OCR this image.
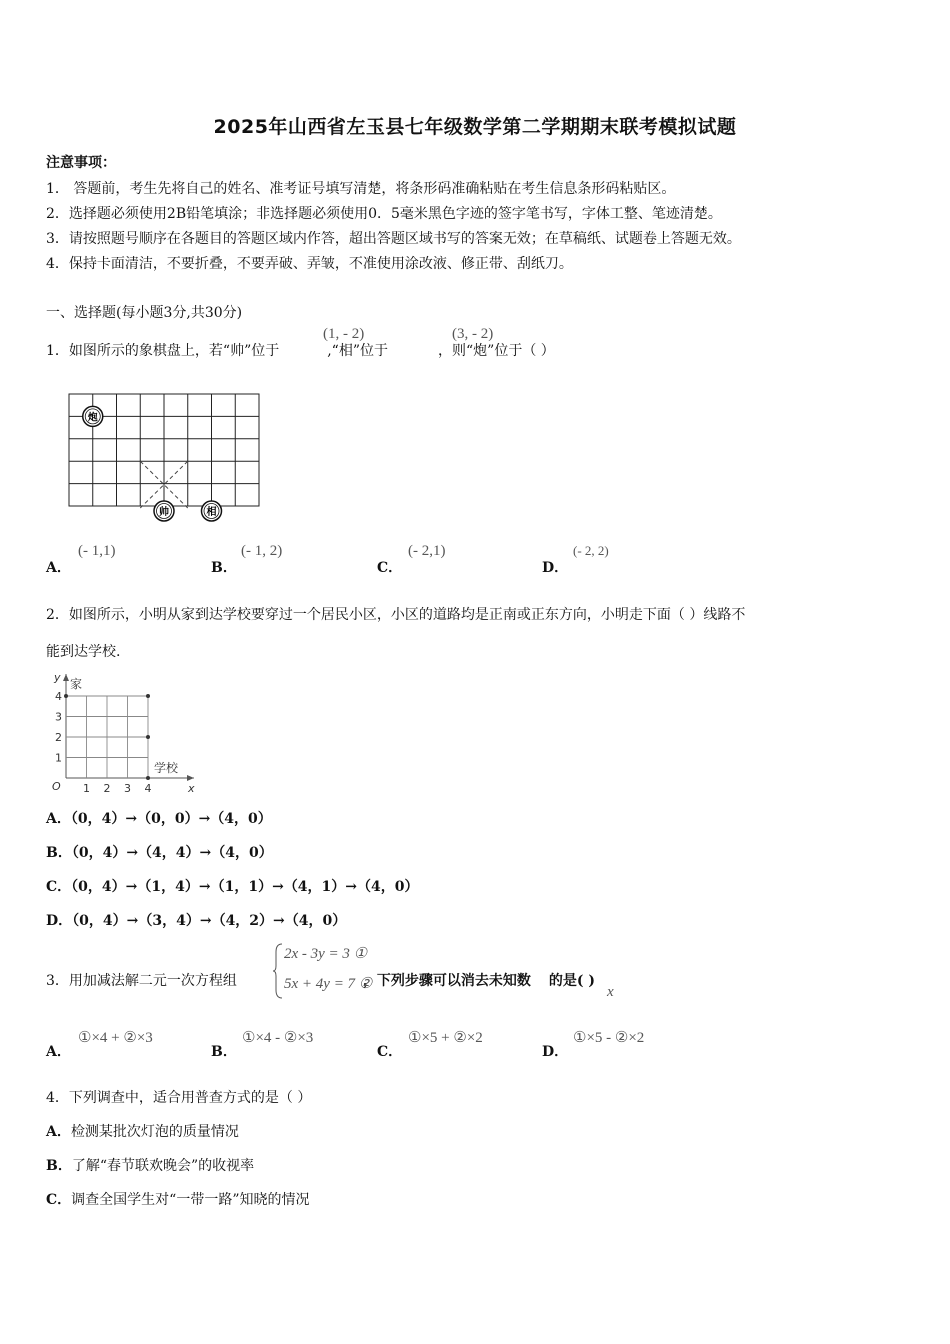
2025年山西省左玉县七年级数学第二学期期末联考模拟试题
注意事项：
1． 答题前，考生先将自己的姓名、准考证号填写清楚，将条形码准确粘贴在考生信息条形码粘贴区。
2．选择题必须使用2B铅笔填涂；非选择题必须使用0．5毫米黑色字迹的签字笔书写，字体工整、笔迹清楚。
3．请按照题号顺序在各题目的答题区域内作答，超出答题区域书写的答案无效；在草稿纸、试题卷上答题无效。
4．保持卡面清洁，不要折叠，不要弄破、弄皱，不准使用涂改液、修正带、刮纸刀。
一、选择题(每小题3分,共30分)
1．如图所示的象棋盘上，若“帅”位于	,“相”位于	，则“炮”位于（ ）
(1, - 2)	(3, - 2)
炮
帅	相
A．
(- 1,1)
B．
(- 1, 2)
C．
(- 2,1)
D．
(- 2, 2)
2．如图所示，小明从家到达学校要穿过一个居民小区，小区的道路均是正南或正东方向，小明走下面（ ）线路不
能到达学校.
y
x
O
1
2
3
4
1 2 3 4
家
学校
A．（0，4）→（0，0）→（4，0）
B．（0，4）→（4，4）→（4，0）
C．（0，4）→（1，4）→（1，1）→（4，1）→（4，0）
D．（0，4）→（3，4）→（4，2）→（4，0）
3．用加减法解二元一次方程组	，下列步骤可以消去未知数 的是( )
2x - 3y = 3 ①
5x + 4y = 7 ②	x
A．
①×4 + ②×3
B．
①×4 - ②×3
C．
①×5 + ②×2
D．
①×5 - ②×2
4．下列调查中，适合用普查方式的是（ ）
A．检测某批次灯泡的质量情况
B．了解“春节联欢晚会”的收视率
C．调查全国学生对“一带一路”知晓的情况
